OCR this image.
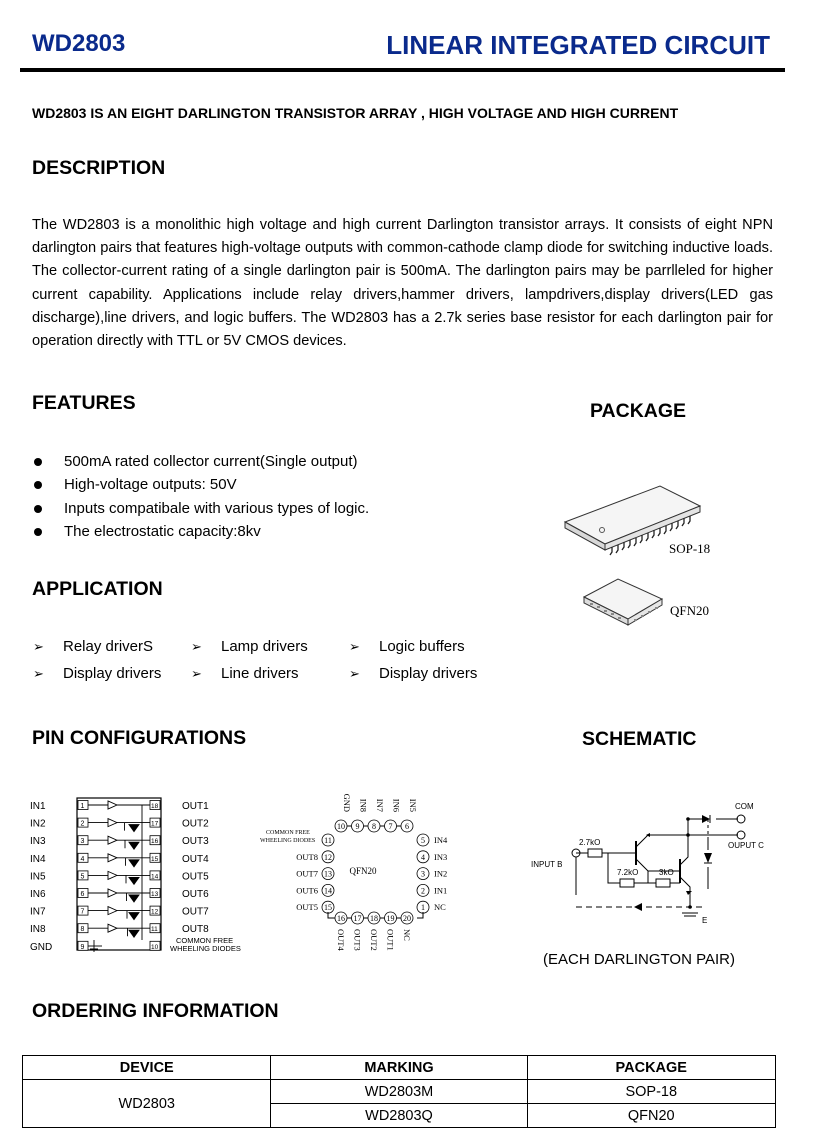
WD2803	LINEAR INTEGRATED CIRCUIT
WD2803 IS AN EIGHT DARLINGTON TRANSISTOR ARRAY , HIGH VOLTAGE AND HIGH CURRENT
DESCRIPTION
The WD2803 is a monolithic high voltage and high current Darlington transistor arrays. It consists of eight NPN darlington pairs that features high-voltage outputs with common-cathode clamp diode for switching inductive loads. The collector-current rating of a single darlington pair is 500mA. The darlington pairs may be parrlleled for higher current capability. Applications include relay drivers,hammer drivers, lampdrivers,display drivers(LED gas discharge),line drivers, and logic buffers. The WD2803 has a 2.7k series base resistor for each darlington pair for operation directly with TTL or 5V CMOS devices.
FEATURES
500mA rated collector current(Single output)
High-voltage outputs: 50V
Inputs compatibale with various types of logic.
The electrostatic capacity:8kv
PACKAGE
SOP-18
QFN20
APPLICATION
➢ Relay driverS	➢ Lamp drivers	➢ Logic buffers
➢ Display drivers ➢ Line drivers	➢ Display drivers
PIN CONFIGURATIONS	SCHEMATIC
IN1	1
IN2	2
IN3	3
IN4	4
IN5	5
IN6	6
IN7	7
IN8	8
GND	9
18 OUT1
17 OUT2
16 OUT3
15 OUT4
14 OUT5
13 OUT6
12 OUT7
11 OUT8
10
COMMON FREE
WHEELING DIODES
QFN20
COMMON FREE
WHEELING DIODES
10
GND
9
IN8
8
IN7
7
IN6
6
IN5
5 IN4
4 IN3
3 IN2
2 IN1
1 NC
11
12
OUT8
13
OUT7
14
OUT6
15
OUT5
16
OUT4
17
OUT3
18
OUT2
19
OUT1
20
NC
COM
OUPUT C
INPUT B
2.7kO
7.2kO	3kO
E
(EACH DARLINGTON PAIR)
ORDERING INFORMATION
DEVICE	MARKING	PACKAGE
WD2803	WD2803M	SOP-18
	WD2803Q	QFN20
